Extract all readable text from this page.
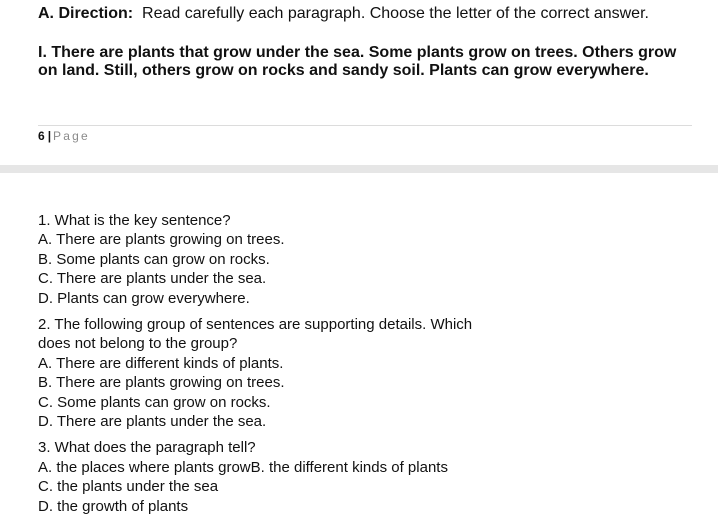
A. Direction: Read carefully each paragraph. Choose the letter of the correct answer.
I. There are plants that grow under the sea. Some plants grow on trees. Others grow on land. Still, others grow on rocks and sandy soil. Plants can grow everywhere.
6 | Page
1. What is the key sentence?
A. There are plants growing on trees.
B. Some plants can grow on rocks.
C. There are plants under the sea.
D. Plants can grow everywhere.
2. The following group of sentences are supporting details. Which
does not belong to the group?
A. There are different kinds of plants.
B. There are plants growing on trees.
C. Some plants can grow on rocks.
D. There are plants under the sea.
3. What does the paragraph tell?
A. the places where plants growB. the different kinds of plants
C. the plants under the sea
D. the growth of plants
